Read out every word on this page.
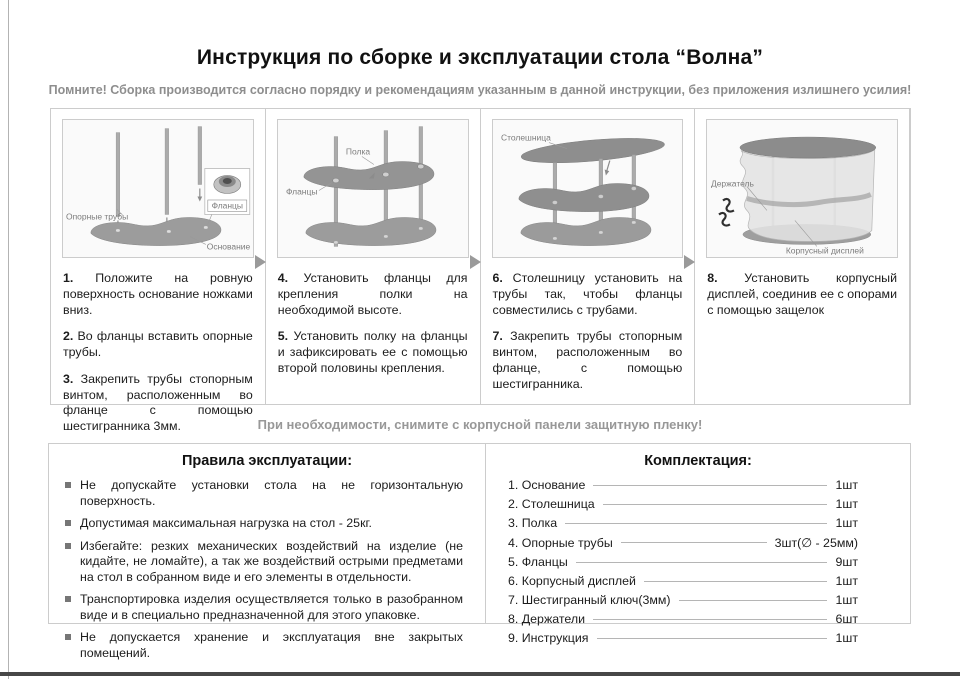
Инструкция по сборке и эксплуатации стола “Волна”
Помните! Сборка производится согласно порядку и рекомендациям указанным в данной инструкции, без приложения излишнего усилия!
Фланцы
Опорные трубы
Основание

1. Положите на ровную поверхность основание ножками вниз.

2. Во фланцы вставить опорные трубы.

3. Закрепить трубы стопорным винтом, расположенным во фланце с помощью шестигранника 3мм.

Полка
Фланцы

4. Установить фланцы для крепления полки на необходимой высоте.

5. Установить полку на фланцы и зафиксировать ее с помощью второй половины крепления.

Столешница

6. Столешницу установить на трубы так, чтобы фланцы совместились с трубами.

7. Закрепить трубы стопорным винтом, расположенным во фланце, с помощью шестигранника.

Держатель
Корпусный дисплей

8. Установить корпусный дисплей, соединив ее с опорами с помощью защелок

При необходимости, снимите с корпусной панели защитную пленку!
Правила эксплуатации:
Не допускайте установки стола на не горизонтальную поверхность.
Допустимая максимальная нагрузка на стол - 25кг.
Избегайте: резких механических воздействий на изделие (не кидайте, не ломайте), а так же воздействий острыми предметами на стол в собранном виде и его элементы в отдельности.
Транспортировка изделия осуществляется только в разобранном виде и в специально предназначенной для этого упаковке.
Не допускается хранение и эксплуатация вне закрытых помещений.
Комплектация:
1. Основание	1шт
2. Столешница	1шт
3. Полка	1шт
4. Опорные трубы	3шт(∅ - 25мм)
5. Фланцы	9шт
6. Корпусный дисплей	1шт
7. Шестигранный ключ(3мм)	1шт
8. Держатели	6шт
9. Инструкция	1шт
